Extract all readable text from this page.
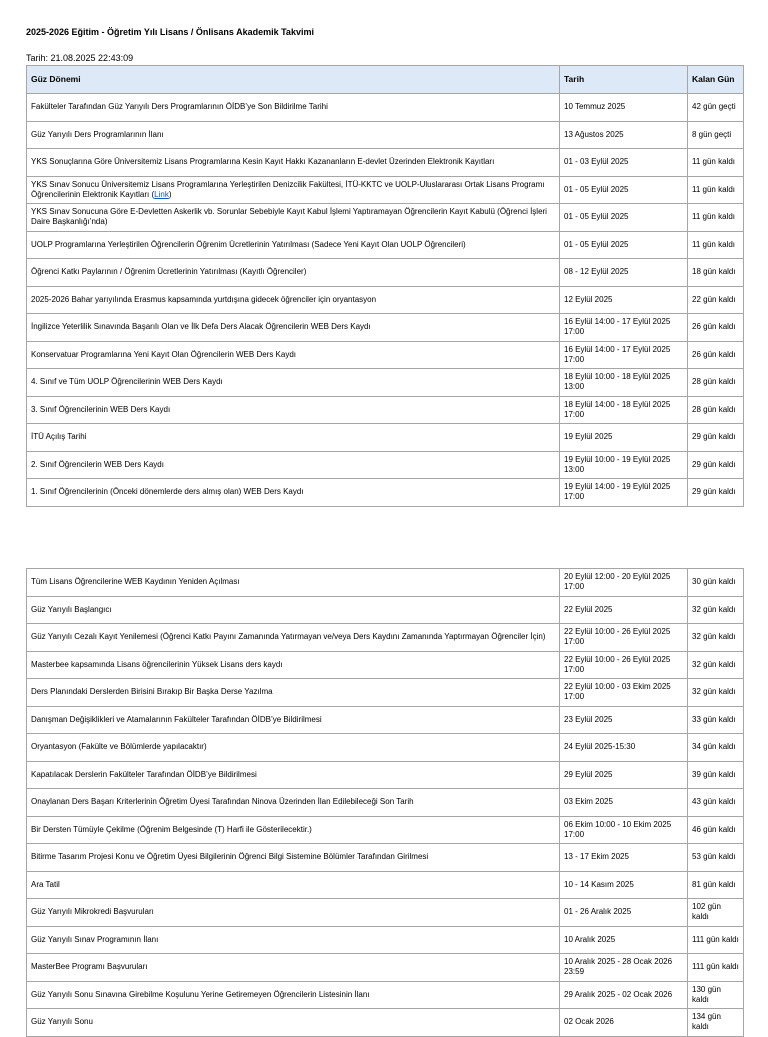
2025-2026 Eğitim - Öğretim Yılı Lisans / Önlisans Akademik Takvimi
Tarih: 21.08.2025 22:43:09
Güz Dönemi	Tarih	Kalan Gün
Fakülteler Tarafından Güz Yarıyılı Ders Programlarının ÖİDB’ye Son Bildirilme Tarihi	10 Temmuz 2025	42 gün geçti
Güz Yarıyılı Ders Programlarının İlanı	13 Ağustos 2025	8 gün geçti
YKS Sonuçlarına Göre Üniversitemiz Lisans Programlarına Kesin Kayıt Hakkı Kazananların E-devlet Üzerinden Elektronik Kayıtları	01 - 03 Eylül 2025	11 gün kaldı
YKS Sınav Sonucu Üniversitemiz Lisans Programlarına Yerleştirilen Denizcilik Fakültesi, İTÜ-KKTC ve UOLP-Uluslararası Ortak Lisans Programı Öğrencilerinin Elektronik Kayıtları (Link)	01 - 05 Eylül 2025	11 gün kaldı
YKS Sınav Sonucuna Göre E-Devletten Askerlik vb. Sorunlar Sebebiyle Kayıt Kabul İşlemi Yaptıramayan Öğrencilerin Kayıt Kabulü (Öğrenci İşleri Daire Başkanlığı’nda)	01 - 05 Eylül 2025	11 gün kaldı
UOLP Programlarına Yerleştirilen Öğrencilerin Öğrenim Ücretlerinin Yatırılması (Sadece Yeni Kayıt Olan UOLP Öğrencileri)	01 - 05 Eylül 2025	11 gün kaldı
Öğrenci Katkı Paylarının / Öğrenim Ücretlerinin Yatırılması (Kayıtlı Öğrenciler)	08 - 12 Eylül 2025	18 gün kaldı
2025-2026 Bahar yarıyılında Erasmus kapsamında yurtdışına gidecek öğrenciler için oryantasyon	12 Eylül 2025	22 gün kaldı
İngilizce Yeterlilik Sınavında Başarılı Olan ve İlk Defa Ders Alacak Öğrencilerin WEB Ders Kaydı	16 Eylül 14:00 - 17 Eylül 2025 17:00	26 gün kaldı
Konservatuar Programlarına Yeni Kayıt Olan Öğrencilerin WEB Ders Kaydı	16 Eylül 14:00 - 17 Eylül 2025 17:00	26 gün kaldı
4. Sınıf ve Tüm UOLP Öğrencilerinin WEB Ders Kaydı	18 Eylül 10:00 - 18 Eylül 2025 13:00	28 gün kaldı
3. Sınıf Öğrencilerinin WEB Ders Kaydı	18 Eylül 14:00 - 18 Eylül 2025 17:00	28 gün kaldı
İTÜ Açılış Tarihi	19 Eylül 2025	29 gün kaldı
2. Sınıf Öğrencilerin WEB Ders Kaydı	19 Eylül 10:00 - 19 Eylül 2025 13:00	29 gün kaldı
1. Sınıf Öğrencilerinin (Önceki dönemlerde ders almış olan) WEB Ders Kaydı	19 Eylül 14:00 - 19 Eylül 2025 17:00	29 gün kaldı
Tüm Lisans Öğrencilerine WEB Kaydının Yeniden Açılması	20 Eylül 12:00 - 20 Eylül 2025 17:00	30 gün kaldı
Güz Yarıyılı Başlangıcı	22 Eylül 2025	32 gün kaldı
Güz Yarıyılı Cezalı Kayıt Yenilemesi (Öğrenci Katkı Payını Zamanında Yatırmayan ve/veya Ders Kaydını Zamanında Yaptırmayan Öğrenciler İçin)	22 Eylül 10:00 - 26 Eylül 2025 17:00	32 gün kaldı
Masterbee kapsamında Lisans öğrencilerinin Yüksek Lisans ders kaydı	22 Eylül 10:00 - 26 Eylül 2025 17:00	32 gün kaldı
Ders Planındaki Derslerden Birisini Bırakıp Bir Başka Derse Yazılma	22 Eylül 10:00 - 03 Ekim 2025 17:00	32 gün kaldı
Danışman Değişiklikleri ve Atamalarının Fakülteler Tarafından ÖİDB’ye Bildirilmesi	23 Eylül 2025	33 gün kaldı
Oryantasyon (Fakülte ve Bölümlerde yapılacaktır)	24 Eylül 2025-15:30	34 gün kaldı
Kapatılacak Derslerin Fakülteler Tarafından ÖİDB’ye Bildirilmesi	29 Eylül 2025	39 gün kaldı
Onaylanan Ders Başarı Kriterlerinin Öğretim Üyesi Tarafından Ninova Üzerinden İlan Edilebileceği Son Tarih	03 Ekim 2025	43 gün kaldı
Bir Dersten Tümüyle Çekilme (Öğrenim Belgesinde (T) Harfi ile Gösterilecektir.)	06 Ekim 10:00 - 10 Ekim 2025 17:00	46 gün kaldı
Bitirme Tasarım Projesi Konu ve Öğretim Üyesi Bilgilerinin Öğrenci Bilgi Sistemine Bölümler Tarafından Girilmesi	13 - 17 Ekim 2025	53 gün kaldı
Ara Tatil	10 - 14 Kasım 2025	81 gün kaldı
Güz Yarıyılı Mikrokredi Başvuruları	01 - 26 Aralık 2025	102 gün kaldı
Güz Yarıyılı Sınav Programının İlanı	10 Aralık 2025	111 gün kaldı
MasterBee Programı Başvuruları	10 Aralık 2025 - 28 Ocak 2026 23:59	111 gün kaldı
Güz Yarıyılı Sonu Sınavına Girebilme Koşulunu Yerine Getiremeyen Öğrencilerin Listesinin İlanı	29 Aralık 2025 - 02 Ocak 2026	130 gün kaldı
Güz Yarıyılı Sonu	02 Ocak 2026	134 gün kaldı
